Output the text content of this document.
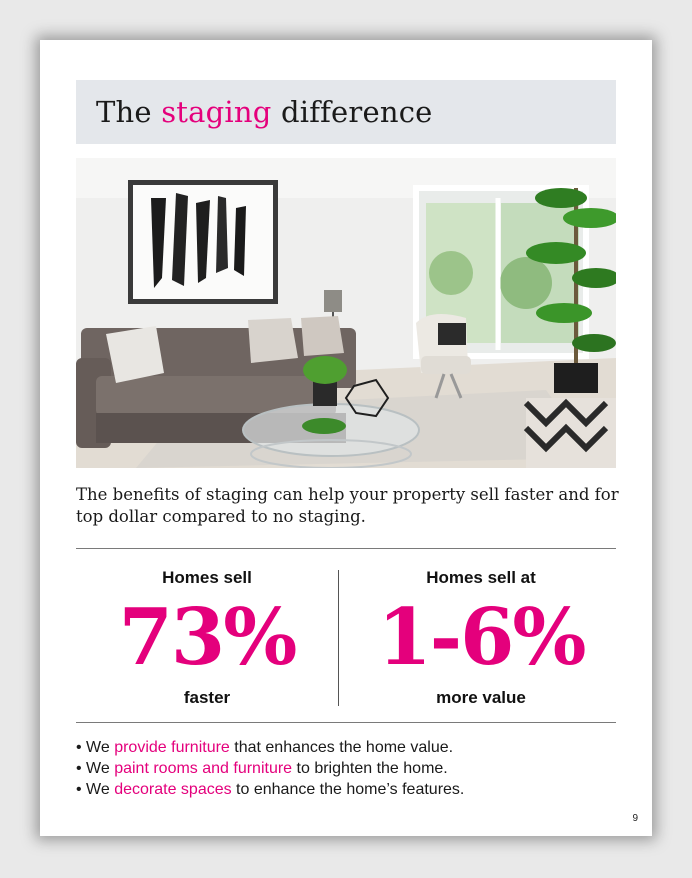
The staging difference
The benefits of staging can help your property sell faster and for top dollar compared to no staging.
Homes sell
73%
faster
Homes sell at
1-6%
more value
• We provide furniture that enhances the home value.
• We paint rooms and furniture to brighten the home.
• We decorate spaces to enhance the home’s features.
9
